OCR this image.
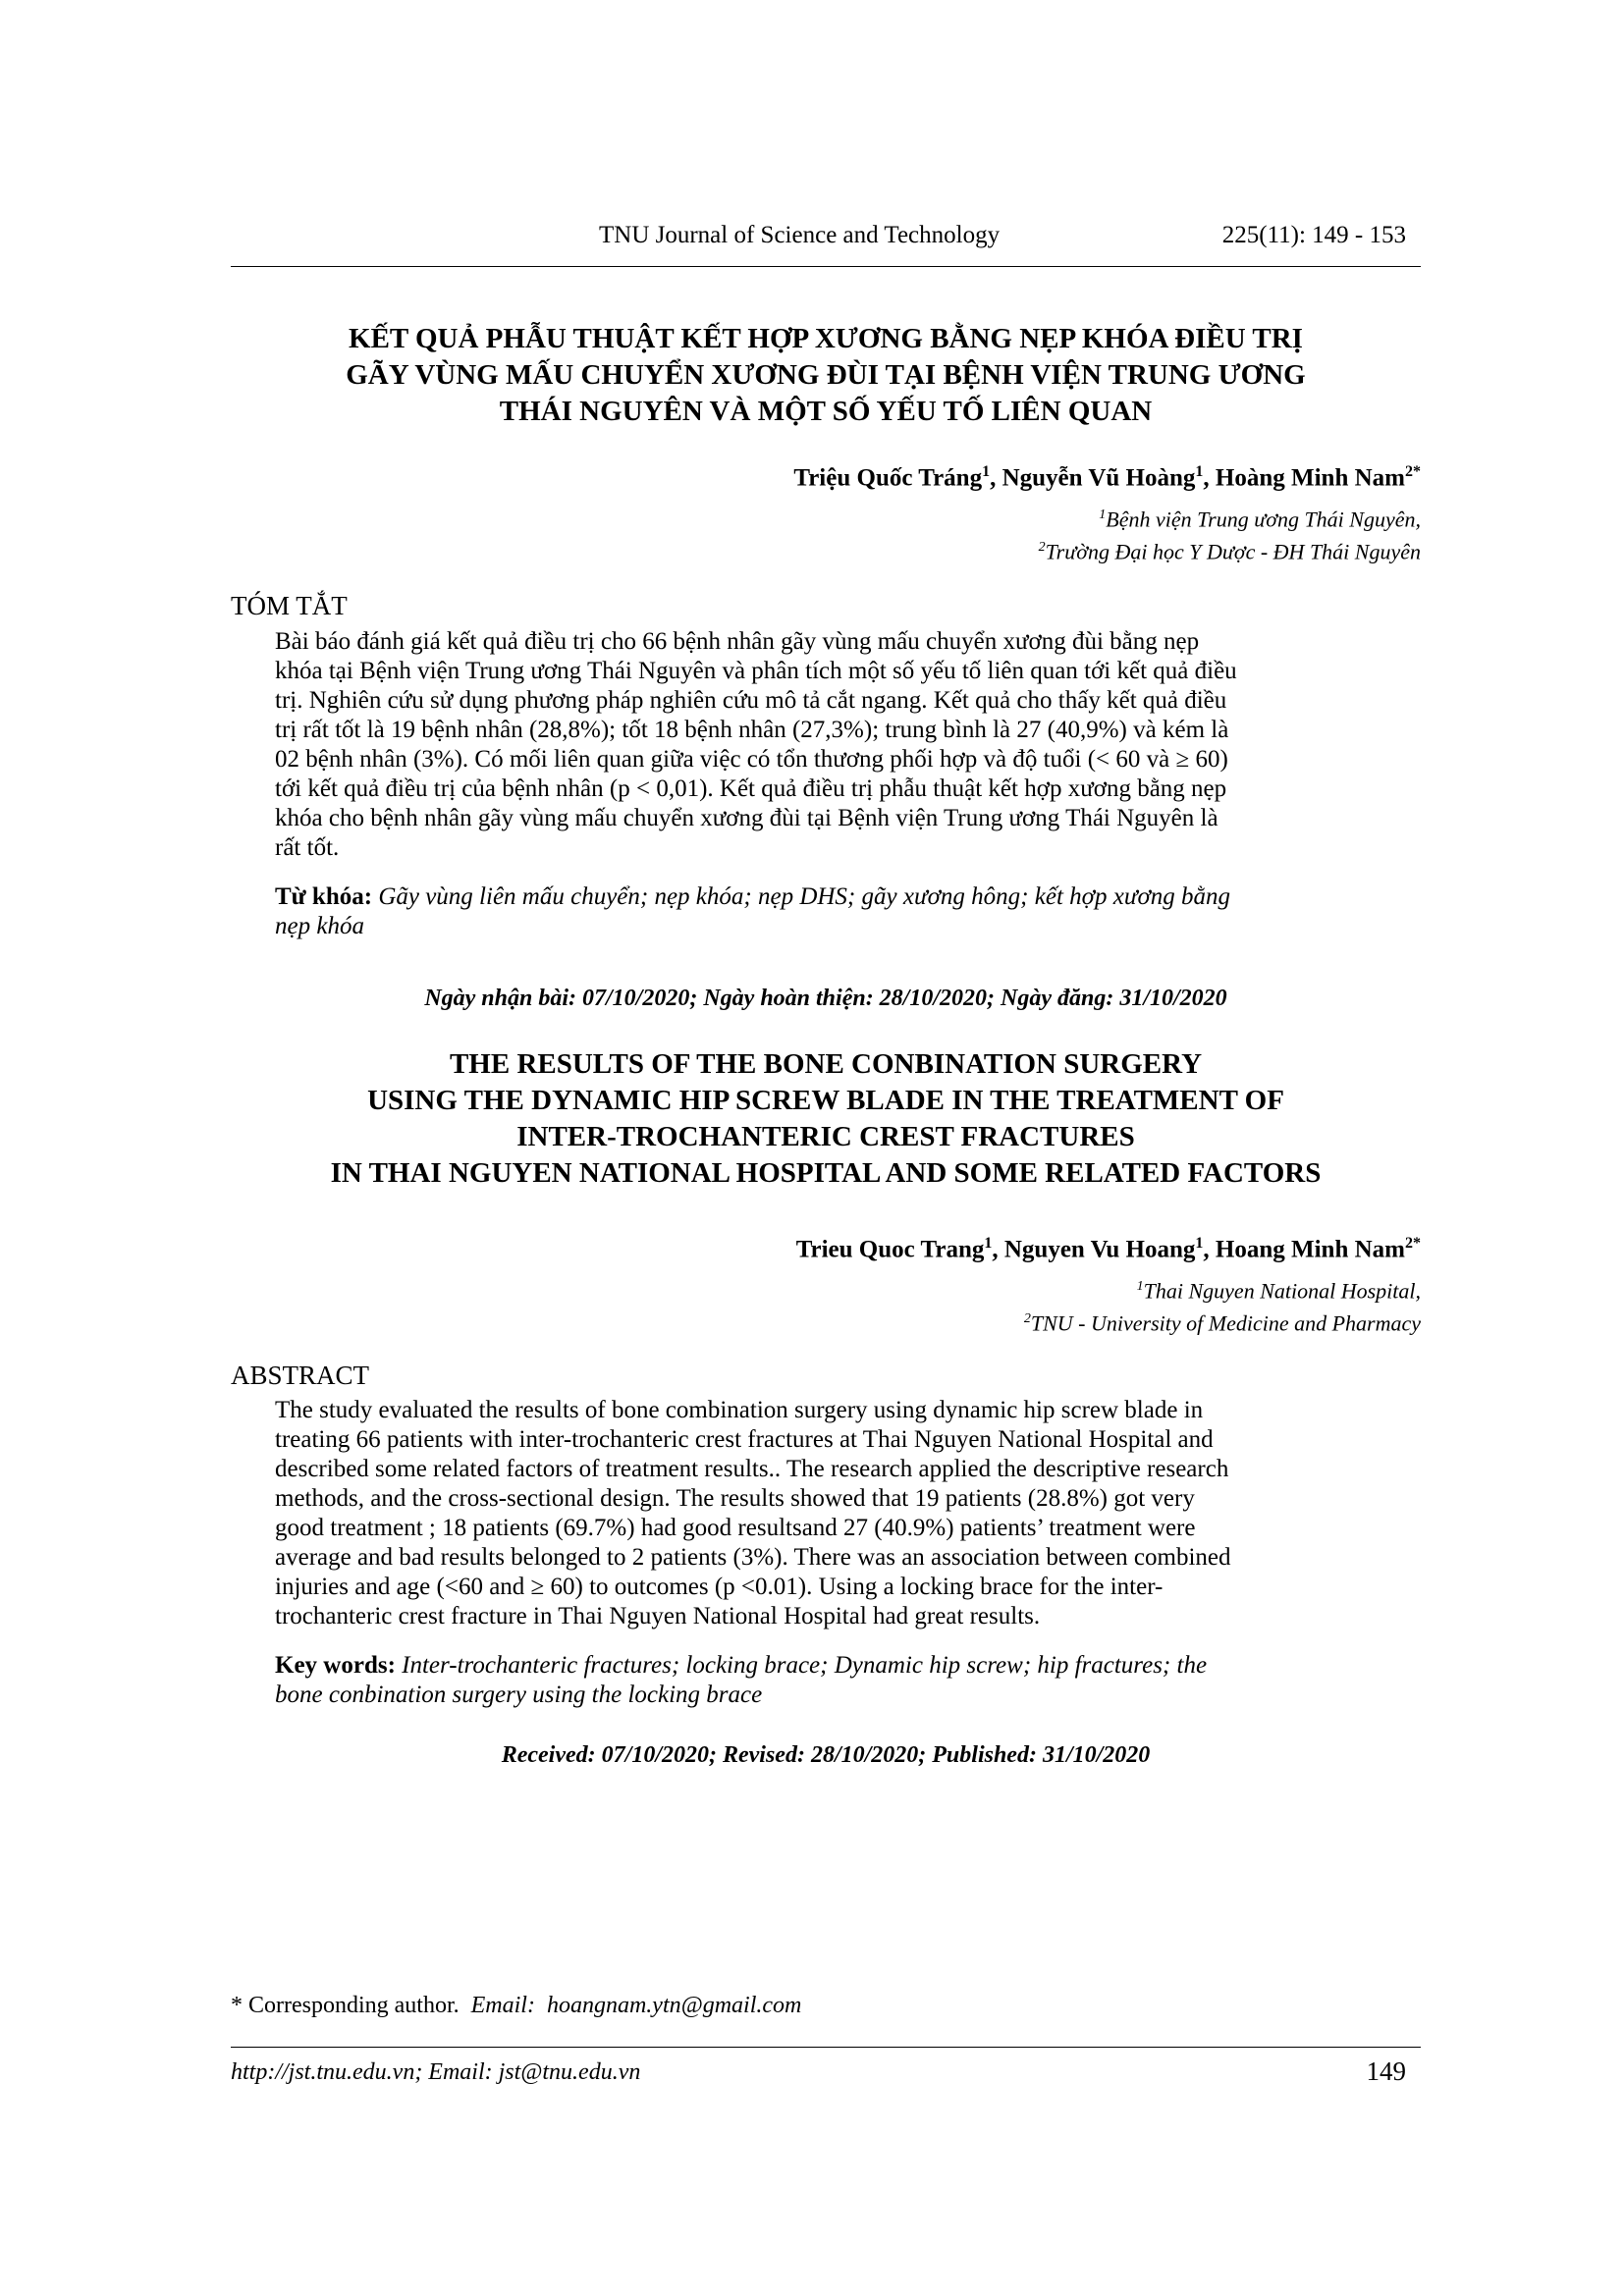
TNU Journal of Science and Technology	225(11): 149 - 153
KẾT QUẢ PHẪU THUẬT KẾT HỢP XƯƠNG BẰNG NẸP KHÓA ĐIỀU TRỊ
GÃY VÙNG MẤU CHUYỂN XƯƠNG ĐÙI TẠI BỆNH VIỆN TRUNG ƯƠNG
THÁI NGUYÊN VÀ MỘT SỐ YẾU TỐ LIÊN QUAN
Triệu Quốc Tráng$^1$, Nguyễn Vũ Hoàng$^1$, Hoàng Minh Nam$^{2*}$
$^1$Bệnh viện Trung ương Thái Nguyên,
$^2$Trường Đại học Y Dược - ĐH Thái Nguyên
TÓM TẮT
Bài báo đánh giá kết quả điều trị cho 66 bệnh nhân gãy vùng mấu chuyển xương đùi bằng nẹp
khóa tại Bệnh viện Trung ương Thái Nguyên và phân tích một số yếu tố liên quan tới kết quả điều
trị. Nghiên cứu sử dụng phương pháp nghiên cứu mô tả cắt ngang. Kết quả cho thấy kết quả điều
trị rất tốt là 19 bệnh nhân (28,8%); tốt 18 bệnh nhân (27,3%); trung bình là 27 (40,9%) và kém là
02 bệnh nhân (3%). Có mối liên quan giữa việc có tổn thương phối hợp và độ tuổi (< 60 và ≥ 60)
tới kết quả điều trị của bệnh nhân (p < 0,01). Kết quả điều trị phẫu thuật kết hợp xương bằng nẹp
khóa cho bệnh nhân gãy vùng mấu chuyển xương đùi tại Bệnh viện Trung ương Thái Nguyên là
rất tốt.
Từ khóa: Gãy vùng liên mấu chuyển; nẹp khóa; nẹp DHS; gãy xương hông; kết hợp xương bằng
nẹp khóa
Ngày nhận bài: 07/10/2020; Ngày hoàn thiện: 28/10/2020; Ngày đăng: 31/10/2020
THE RESULTS OF THE BONE CONBINATION SURGERY
USING THE DYNAMIC HIP SCREW BLADE IN THE TREATMENT OF
INTER-TROCHANTERIC CREST FRACTURES
IN THAI NGUYEN NATIONAL HOSPITAL AND SOME RELATED FACTORS
Trieu Quoc Trang$^1$, Nguyen Vu Hoang$^1$, Hoang Minh Nam$^{2*}$
$^1$Thai Nguyen National Hospital,
$^2$TNU - University of Medicine and Pharmacy
ABSTRACT
The study evaluated the results of bone combination surgery using dynamic hip screw blade in
treating 66 patients with inter-trochanteric crest fractures at Thai Nguyen National Hospital and
described some related factors of treatment results.. The research applied the descriptive research
methods, and the cross-sectional design. The results showed that 19 patients (28.8%) got very
good treatment ; 18 patients (69.7%) had good resultsand 27 (40.9%) patients’ treatment were
average and bad results belonged to 2 patients (3%). There was an association between combined
injuries and age (<60 and ≥ 60) to outcomes (p <0.01). Using a locking brace for the inter-
trochanteric crest fracture in Thai Nguyen National Hospital had great results.
Key words: Inter-trochanteric fractures; locking brace; Dynamic hip screw; hip fractures; the
bone conbination surgery using the locking brace
Received: 07/10/2020; Revised: 28/10/2020; Published: 31/10/2020
* Corresponding author. Email: hoangnam.ytn@gmail.com
http://jst.tnu.edu.vn; Email: jst@tnu.edu.vn	149
